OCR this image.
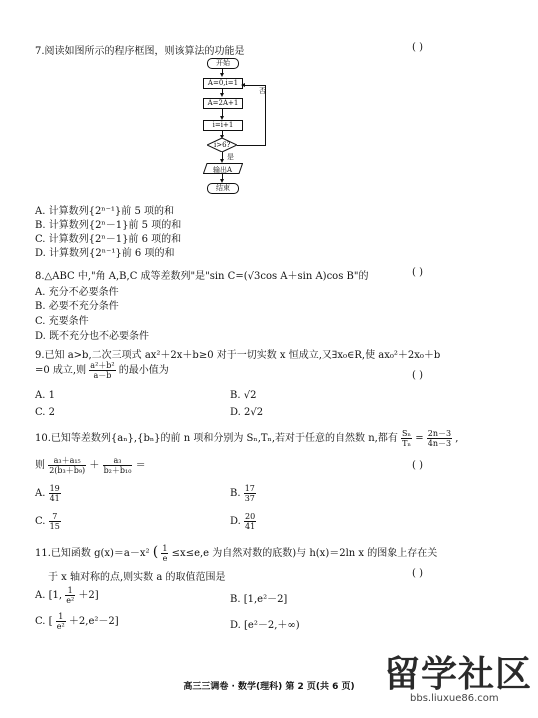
7.阅读如图所示的程序框图，则该算法的功能是	( )
开始
A=0,i=1
A=2A+1
i=i+1
i>6?
否
是
输出A
结束
A. 计算数列{2ⁿ⁻¹}前 5 项的和
B. 计算数列{2ⁿ－1}前 5 项的和
C. 计算数列{2ⁿ－1}前 6 项的和
D. 计算数列{2ⁿ⁻¹}前 6 项的和
8.△ABC 中,"角 A,B,C 成等差数列"是"sin C=(√3cos A＋sin A)cos B"的	( )
A. 充分不必要条件
B. 必要不充分条件
C. 充要条件
D. 既不充分也不必要条件
9.已知 a>b,二次三项式 ax²＋2x＋b≥0 对于一切实数 x 恒成立,又∃x₀∈R,使 ax₀²＋2x₀＋b
=0 成立,则 $\frac{\text{a²＋b²}}{a-b}$ 的最小值为	( )
A. 1	B. √2
C. 2	D. 2√2
10.已知等差数列{aₙ},{bₙ}的前 n 项和分别为 Sₙ,Tₙ,若对于任意的自然数 n,都有 $\frac{\text{Sₙ}}{\text{Tₙ}} = \frac{2n-3}{4n-3}$ ,
则 $\frac{\text{a₃＋a₁₅}}{\text{2(b₃＋b₉)}} + \frac{\text{a₃}}{\text{b₂＋b₁₀}}$ ＝	( )
A. $\frac{19}{41}$	B. $\frac{17}{37}$
C. $\frac{7}{15}$	D. $\frac{20}{41}$
11.已知函数 g(x)＝a－x² ( $\frac{1}{e} \le x\le e,e$ 为自然对数的底数)与 h(x)＝2ln x 的图象上存在关
于 x 轴对称的点,则实数 a 的取值范围是	( )
A. [1, $\frac{1}{\text{e²}} +2$]	B. [1,e²－2]
C. [ $\frac{1}{\text{e²}} +2,e^2-2$]	D. [e²－2,＋∞)
高三三调卷 · 数学(理科) 第 2 页(共 6 页) 留学社区
bbs.liuxue86.com
